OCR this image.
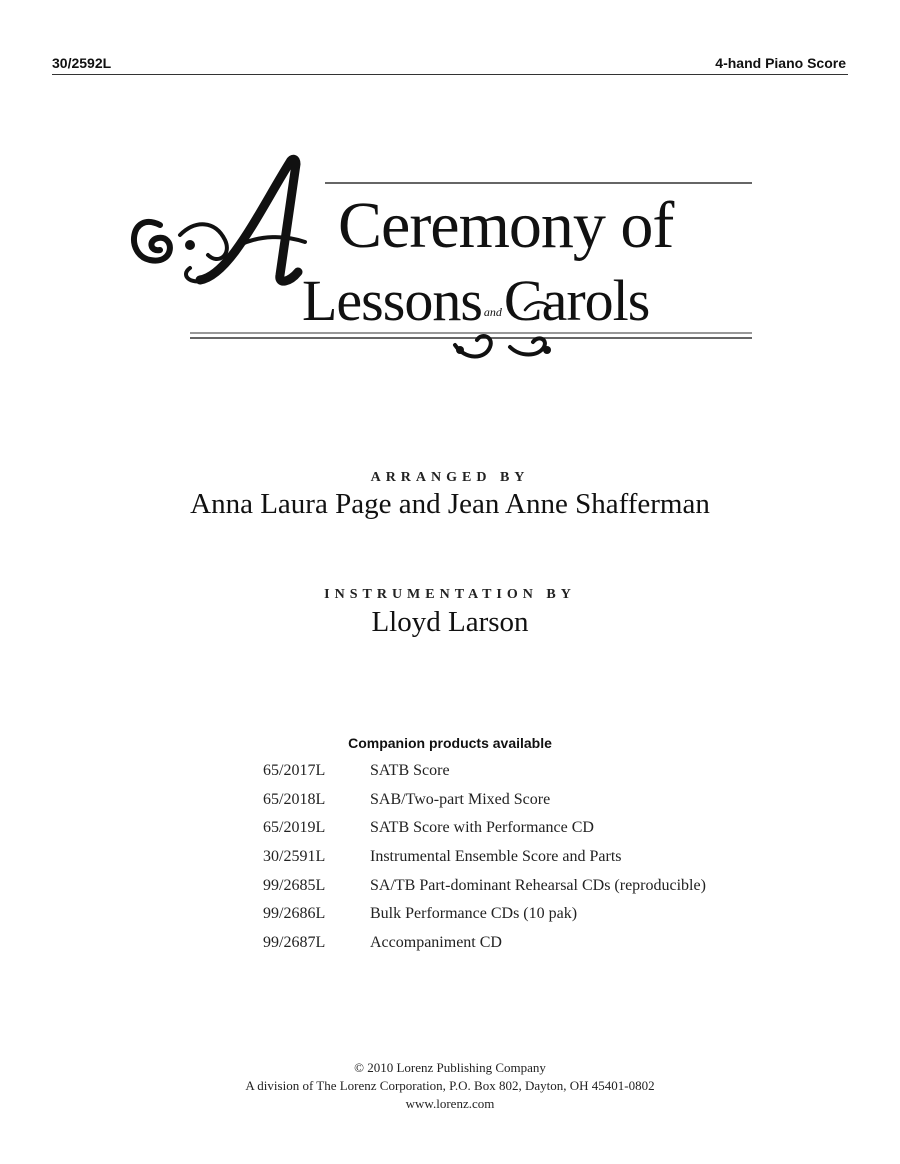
30/2592L	4-hand Piano Score
Ceremony of
Lessons andCarols
ARRANGED BY
Anna Laura Page and Jean Anne Shafferman
INSTRUMENTATION BY
Lloyd Larson
Companion products available
65/2017L	SATB Score
65/2018L	SAB/Two-part Mixed Score
65/2019L	SATB Score with Performance CD
30/2591L	Instrumental Ensemble Score and Parts
99/2685L	SA/TB Part-dominant Rehearsal CDs (reproducible)
99/2686L	Bulk Performance CDs (10 pak)
99/2687L	Accompaniment CD
© 2010 Lorenz Publishing Company
A division of The Lorenz Corporation, P.O. Box 802, Dayton, OH 45401-0802
www.lorenz.com
